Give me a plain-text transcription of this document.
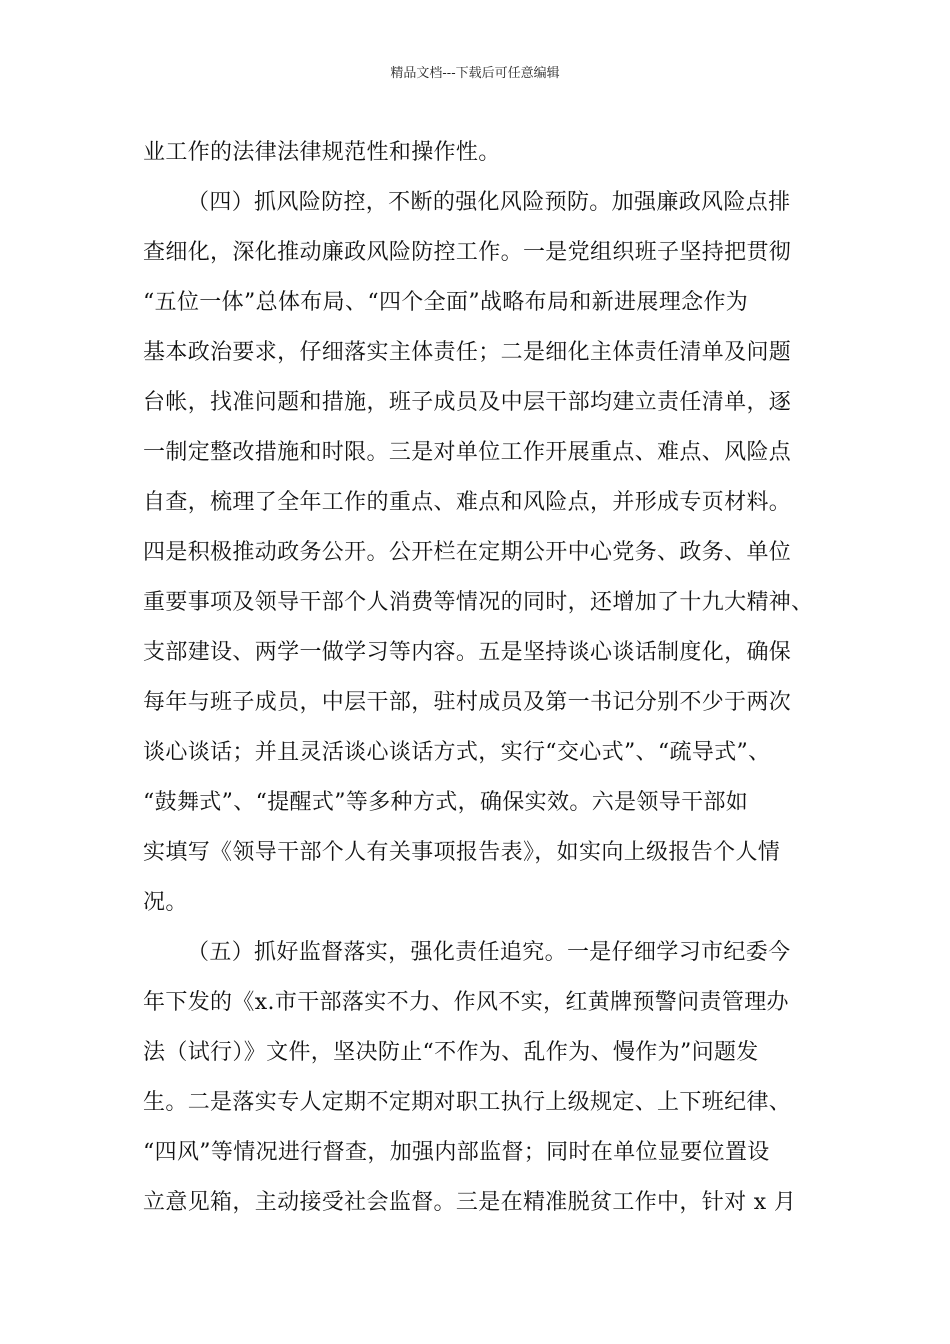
精品文档---下载后可任意编辑
业工作的法律法律规范性和操作性。
（四）抓风险防控，不断的强化风险预防。加强廉政风险点排
查细化，深化推动廉政风险防控工作。一是党组织班子坚持把贯彻
“五位一体”总体布局、“四个全面”战略布局和新进展理念作为
基本政治要求，仔细落实主体责任；二是细化主体责任清单及问题
台帐，找准问题和措施，班子成员及中层干部均建立责任清单，逐
一制定整改措施和时限。三是对单位工作开展重点、难点、风险点
自查，梳理了全年工作的重点、难点和风险点，并形成专页材料。
四是积极推动政务公开。公开栏在定期公开中心党务、政务、单位
重要事项及领导干部个人消费等情况的同时，还增加了十九大精神、
支部建设、两学一做学习等内容。五是坚持谈心谈话制度化，确保
每年与班子成员，中层干部，驻村成员及第一书记分别不少于两次
谈心谈话；并且灵活谈心谈话方式，实行“交心式”、“疏导式”、
“鼓舞式”、“提醒式”等多种方式，确保实效。六是领导干部如
实填写《领导干部个人有关事项报告表》，如实向上级报告个人情
况。
（五）抓好监督落实，强化责任追究。一是仔细学习市纪委今
年下发的《x.市干部落实不力、作风不实，红黄牌预警问责管理办
法（试行）》文件，坚决防止“不作为、乱作为、慢作为”问题发
生。二是落实专人定期不定期对职工执行上级规定、上下班纪律、
“四风”等情况进行督查，加强内部监督；同时在单位显要位置设
立意见箱，主动接受社会监督。三是在精准脱贫工作中，针对 x 月
